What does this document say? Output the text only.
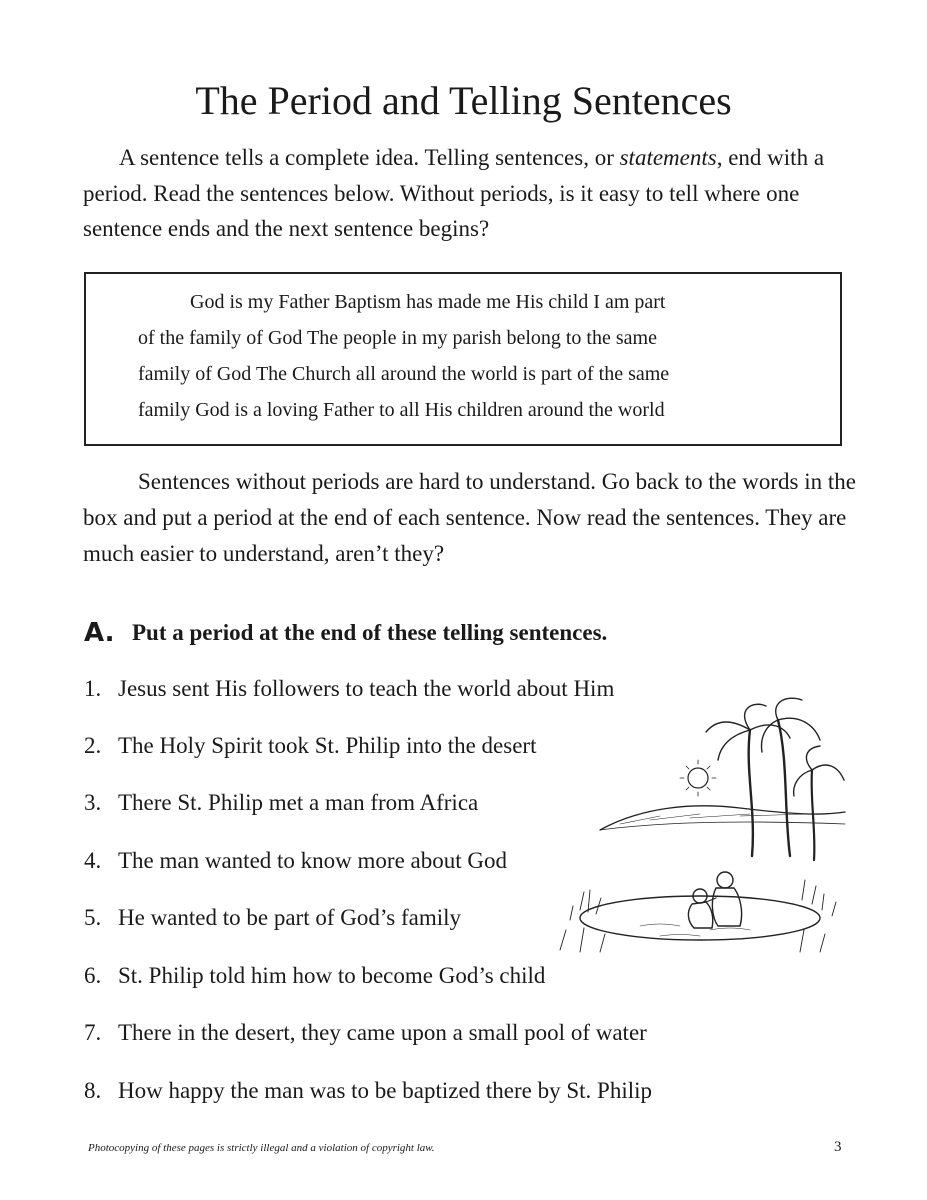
The Period and Telling Sentences

A sentence tells a complete idea. Telling sentences, or statements, end with a period. Read the sentences below. Without periods, is it easy to tell where one sentence ends and the next sentence begins?

God is my Father Baptism has made me His child I am part
of the family of God The people in my parish belong to the same
family of God The Church all around the world is part of the same
family God is a loving Father to all His children around the world

Sentences without periods are hard to understand. Go back to the words in the box and put a period at the end of each sentence. Now read the sentences. They are much easier to understand, aren’t they?

A. Put a period at the end of these telling sentences.
1. Jesus sent His followers to teach the world about Him
2. The Holy Spirit took St. Philip into the desert
3. There St. Philip met a man from Africa
4. The man wanted to know more about God
5. He wanted to be part of God’s family
6. St. Philip told him how to become God’s child
7. There in the desert, they came upon a small pool of water
8. How happy the man was to be baptized there by St. Philip
Photocopying of these pages is strictly illegal and a violation of copyright law.	3
